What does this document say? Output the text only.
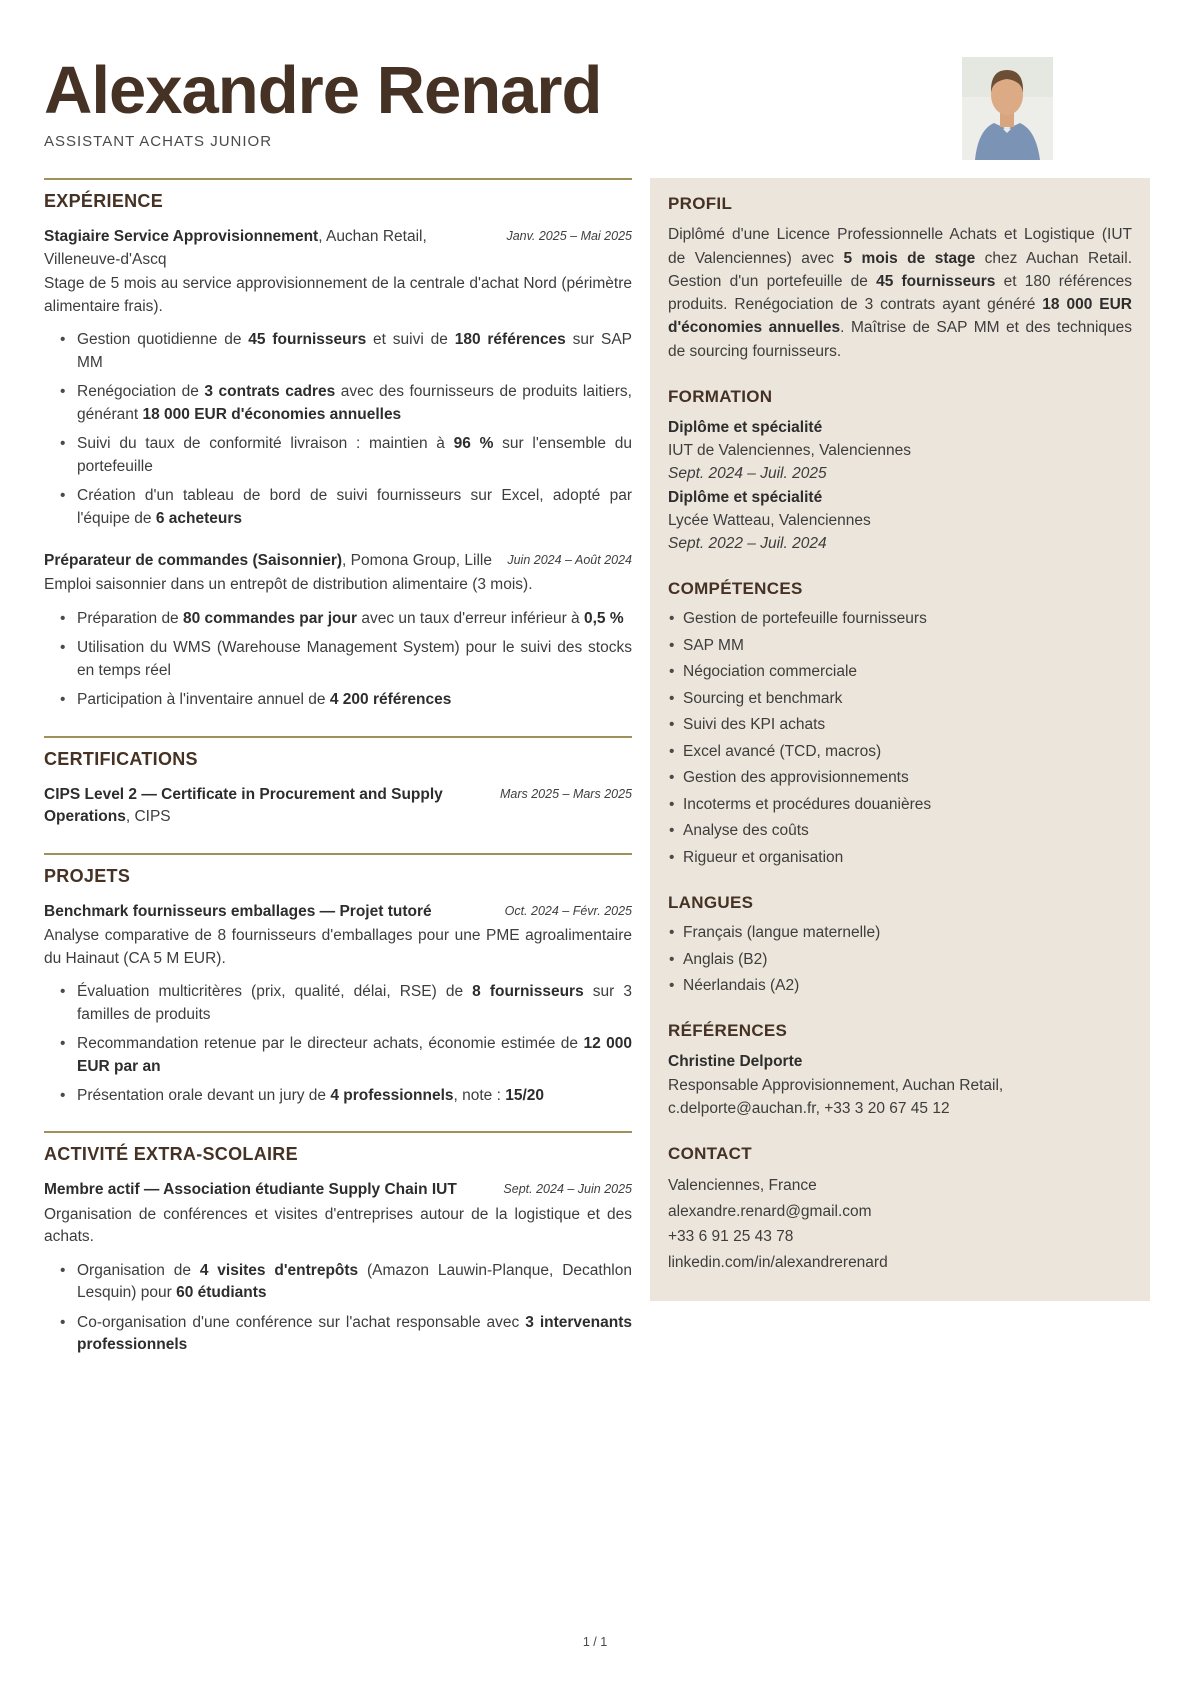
Alexandre Renard
ASSISTANT ACHATS JUNIOR
EXPÉRIENCE
Stagiaire Service Approvisionnement, Auchan Retail, Villeneuve-d'Ascq
Janv. 2025 – Mai 2025

Stage de 5 mois au service approvisionnement de la centrale d'achat Nord (périmètre alimentaire frais).

• Gestion quotidienne de 45 fournisseurs et suivi de 180 références sur SAP MM
• Renégociation de 3 contrats cadres avec des fournisseurs de produits laitiers, générant 18 000 EUR d'économies annuelles
• Suivi du taux de conformité livraison : maintien à 96 % sur l'ensemble du portefeuille
• Création d'un tableau de bord de suivi fournisseurs sur Excel, adopté par l'équipe de 6 acheteurs
Préparateur de commandes (Saisonnier), Pomona Group, Lille Juin 2024 – Août 2024

Emploi saisonnier dans un entrepôt de distribution alimentaire (3 mois).

• Préparation de 80 commandes par jour avec un taux d'erreur inférieur à 0,5 %
• Utilisation du WMS (Warehouse Management System) pour le suivi des stocks en temps réel
• Participation à l'inventaire annuel de 4 200 références
CERTIFICATIONS
CIPS Level 2 — Certificate in Procurement and Supply Operations, CIPS
Mars 2025 – Mars 2025
PROJETS
Benchmark fournisseurs emballages — Projet tutoré	Oct. 2024 – Févr. 2025

Analyse comparative de 8 fournisseurs d'emballages pour une PME agroalimentaire du Hainaut (CA 5 M EUR).

• Évaluation multicritères (prix, qualité, délai, RSE) de 8 fournisseurs sur 3 familles de produits
• Recommandation retenue par le directeur achats, économie estimée de 12 000 EUR par an
• Présentation orale devant un jury de 4 professionnels, note : 15/20
ACTIVITÉ EXTRA-SCOLAIRE
Membre actif — Association étudiante Supply Chain IUT	Sept. 2024 – Juin 2025

Organisation de conférences et visites d'entreprises autour de la logistique et des achats.

• Organisation de 4 visites d'entrepôts (Amazon Lauwin-Planque, Decathlon Lesquin) pour 60 étudiants
• Co-organisation d'une conférence sur l'achat responsable avec 3 intervenants professionnels
PROFIL

Diplômé d'une Licence Professionnelle Achats et Logistique (IUT de Valenciennes) avec 5 mois de stage chez Auchan Retail. Gestion d'un portefeuille de 45 fournisseurs et 180 références produits. Renégociation de 3 contrats ayant généré 18 000 EUR d'économies annuelles. Maîtrise de SAP MM et des techniques de sourcing fournisseurs.

FORMATION
Diplôme et spécialité
IUT de Valenciennes, Valenciennes
Sept. 2024 – Juil. 2025
Diplôme et spécialité
Lycée Watteau, Valenciennes
Sept. 2022 – Juil. 2024
COMPÉTENCES
• Gestion de portefeuille fournisseurs
• SAP MM
• Négociation commerciale
• Sourcing et benchmark
• Suivi des KPI achats
• Excel avancé (TCD, macros)
• Gestion des approvisionnements
• Incoterms et procédures douanières
• Analyse des coûts
• Rigueur et organisation
LANGUES
• Français (langue maternelle)
• Anglais (B2)
• Néerlandais (A2)
RÉFÉRENCES
Christine Delporte
Responsable Approvisionnement, Auchan Retail, c.delporte@auchan.fr, +33 3 20 67 45 12
CONTACT
Valenciennes, France
alexandre.renard@gmail.com
+33 6 91 25 43 78
linkedin.com/in/alexandrerenard
1 / 1
